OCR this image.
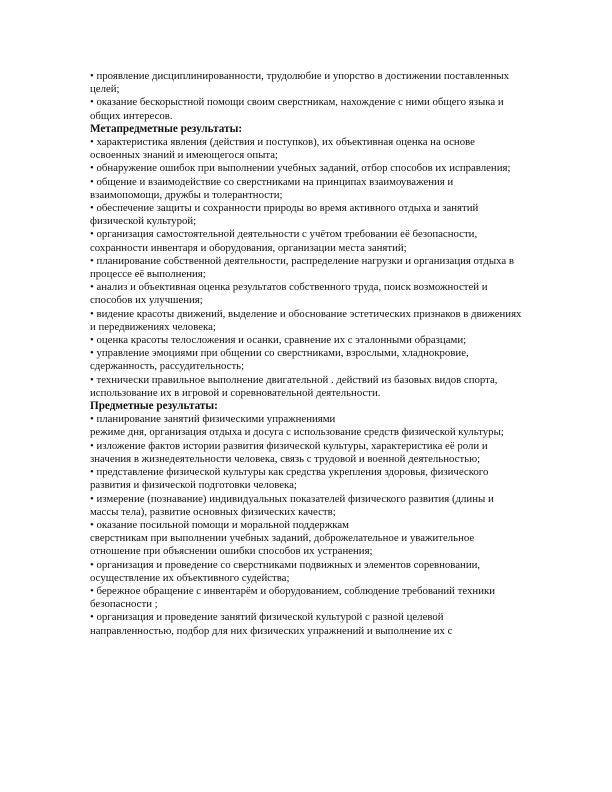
• проявление дисциплинированности, трудолюбие и упорство в достижении поставленных целей;

• оказание бескорыстной помощи своим сверстникам, нахождение с ними общего языка и общих интересов.

Метапредметные результаты:

• характеристика явления (действия и поступков), их объективная оценка на основе освоенных знаний и имеющегося опыта;

• обнаружение ошибок при выполнении учебных заданий, отбор способов их исправления;

• общение и взаимодействие со сверстниками на принципах взаимоуважения и взаимопомощи, дружбы и толерантности;

• обеспечение защиты и сохранности природы во время активного отдыха и занятий физической культурой;

• организация самостоятельной деятельности с учётом требовании её безопасности, сохранности инвентаря и оборудования, организации места занятий;

• планирование собственной деятельности, распределение нагрузки и организация отдыха в процессе её выполнения;

• анализ и объективная оценка результатов собственного труда, поиск возможностей и способов их улучшения;

• видение красоты движений, выделение и обоснование эстетических признаков в движениях и передвижениях человека;

• оценка красоты телосложения и осанки, сравнение их с эталонными образцами;

• управление эмоциями при общении со сверстниками, взрослыми, хладнокровие, сдержанность, рассудительность;

• технически правильное выполнение двигательной . действий из базовых видов спорта, использование их в игровой и соревновательной деятельности.

Предметные результаты:

• планирование занятий физическими упражнениями

режиме дня, организация отдыха и досуга с использование средств физической культуры;

• изложение фактов истории развития физической культуры, характеристика её роли и значения в жизнедеятельности человека, связь с трудовой и военной деятельностью;

• представление физической культуры как средства укрепления здоровья, физического развития и физической подготовки человека;

• измерение (познавание) индивидуальных показателей физического развития (длины и массы тела), развитие основных физических качеств;

• оказание посильной помощи и моральной поддержкам

сверстникам при выполнении учебных заданий, доброжелательное и уважительное отношение при объяснении ошибки способов их устранения;

• организация и проведение со сверстниками подвижных и элементов соревновании, осуществление их объективного судейства;

• бережное обращение с инвентарём и оборудованием, соблюдение требований техники безопасности ;

• организация и проведение занятий физической культурой с разной целевой направленностью, подбор для них физических упражнений и выполнение их с
